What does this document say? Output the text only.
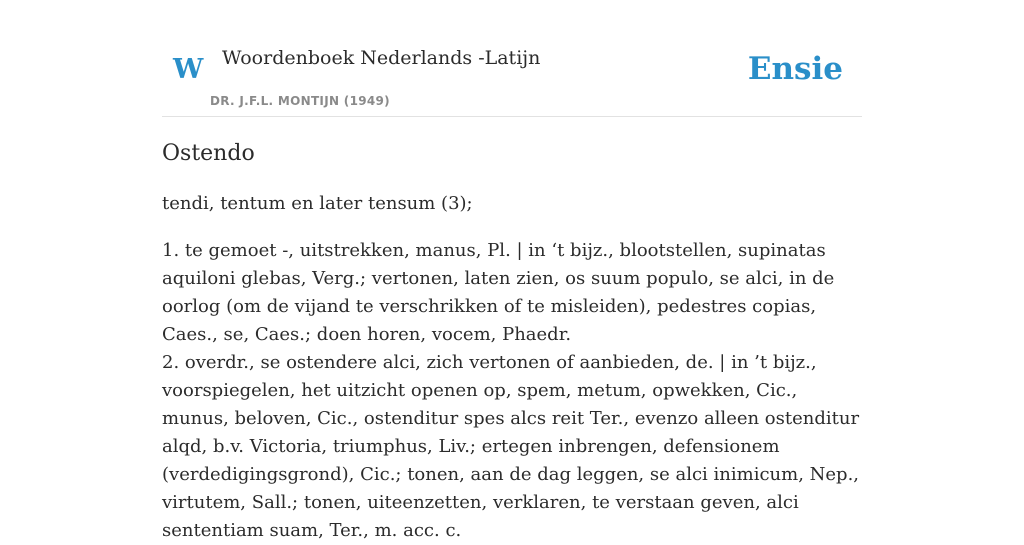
W Woordenboek Nederlands -Latijn
DR. J.F.L. MONTIJN (1949)
Ensie
Ostendo

tendi, tentum en later tensum (3);

1. te gemoet -, uitstrekken, manus, Pl. | in ‘t bijz., blootstellen, supinatas aquiloni glebas, Verg.; vertonen, laten zien, os suum populo, se alci, in de oorlog (om de vijand te verschrikken of te misleiden), pedestres copias, Caes., se, Caes.; doen horen, vocem, Phaedr.
2. overdr., se ostendere alci, zich vertonen of aanbieden, de. | in ’t bijz., voorspiegelen, het uitzicht openen op, spem, metum, opwekken, Cic., munus, beloven, Cic., ostenditur spes alcs reit Ter., evenzo alleen ostenditur alqd, b.v. Victoria, triumphus, Liv.; ertegen inbrengen, defensionem (verdedigingsgrond), Cic.; tonen, aan de dag leggen, se alci inimicum, Nep., virtutem, Sall.; tonen, uiteenzetten, verklaren, te verstaan geven, alci sententiam suam, Ter., m. acc. c.
